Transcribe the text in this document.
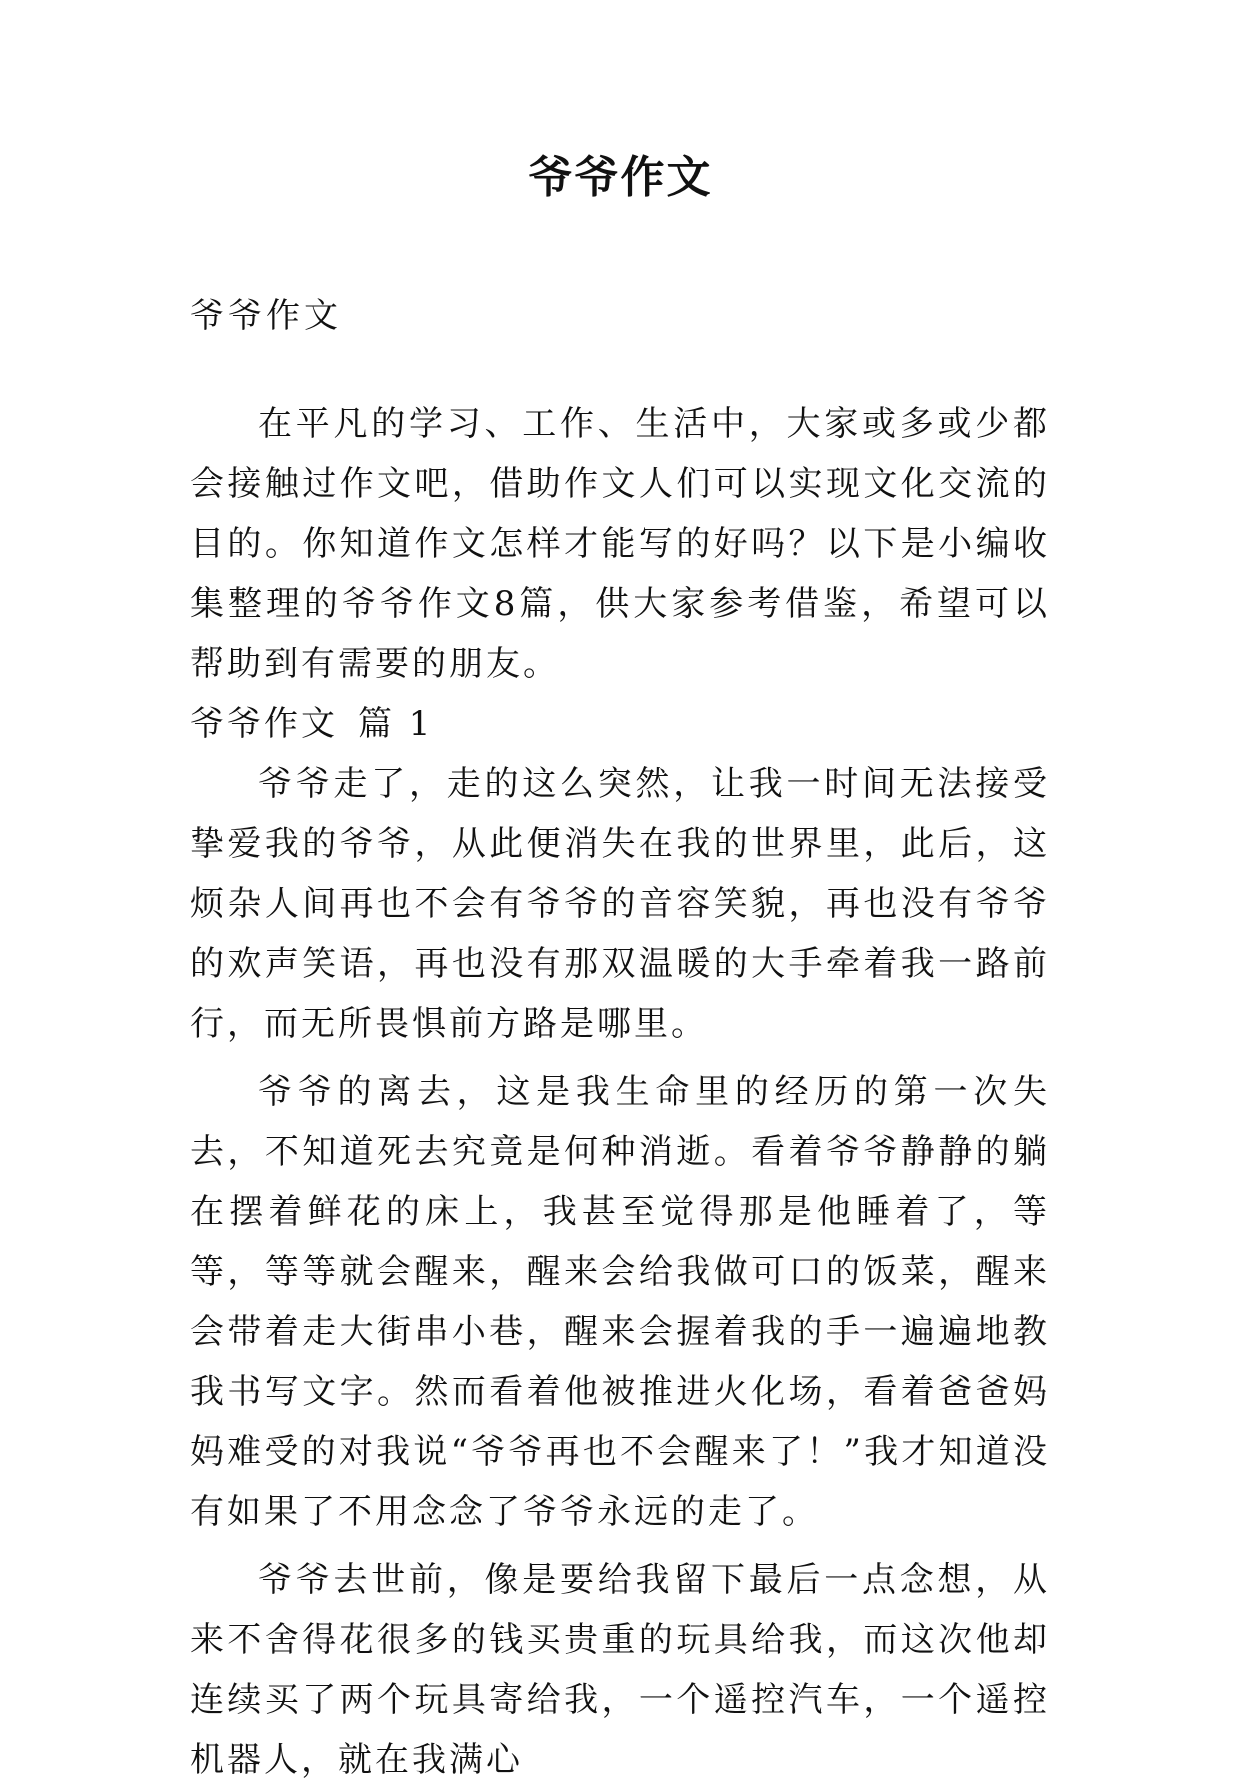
爷爷作文

爷爷作文

在平凡的学习、工作、生活中，大家或多或少都会接触过作文吧，借助作文人们可以实现文化交流的目的。你知道作文怎样才能写的好吗？以下是小编收集整理的爷爷作文8篇，供大家参考借鉴，希望可以帮助到有需要的朋友。

爷爷作文 篇 1

爷爷走了，走的这么突然，让我一时间无法接受挚爱我的爷爷，从此便消失在我的世界里，此后，这烦杂人间再也不会有爷爷的音容笑貌，再也没有爷爷的欢声笑语，再也没有那双温暖的大手牵着我一路前行，而无所畏惧前方路是哪里。

爷爷的离去，这是我生命里的经历的第一次失去，不知道死去究竟是何种消逝。看着爷爷静静的躺在摆着鲜花的床上，我甚至觉得那是他睡着了，等等，等等就会醒来，醒来会给我做可口的饭菜，醒来会带着走大街串小巷，醒来会握着我的手一遍遍地教我书写文字。然而看着他被推进火化场，看着爸爸妈妈难受的对我说“爷爷再也不会醒来了！”我才知道没有如果了不用念念了爷爷永远的走了。

爷爷去世前，像是要给我留下最后一点念想，从来不舍得花很多的钱买贵重的玩具给我，而这次他却连续买了两个玩具寄给我，一个遥控汽车，一个遥控机器人，就在我满心
